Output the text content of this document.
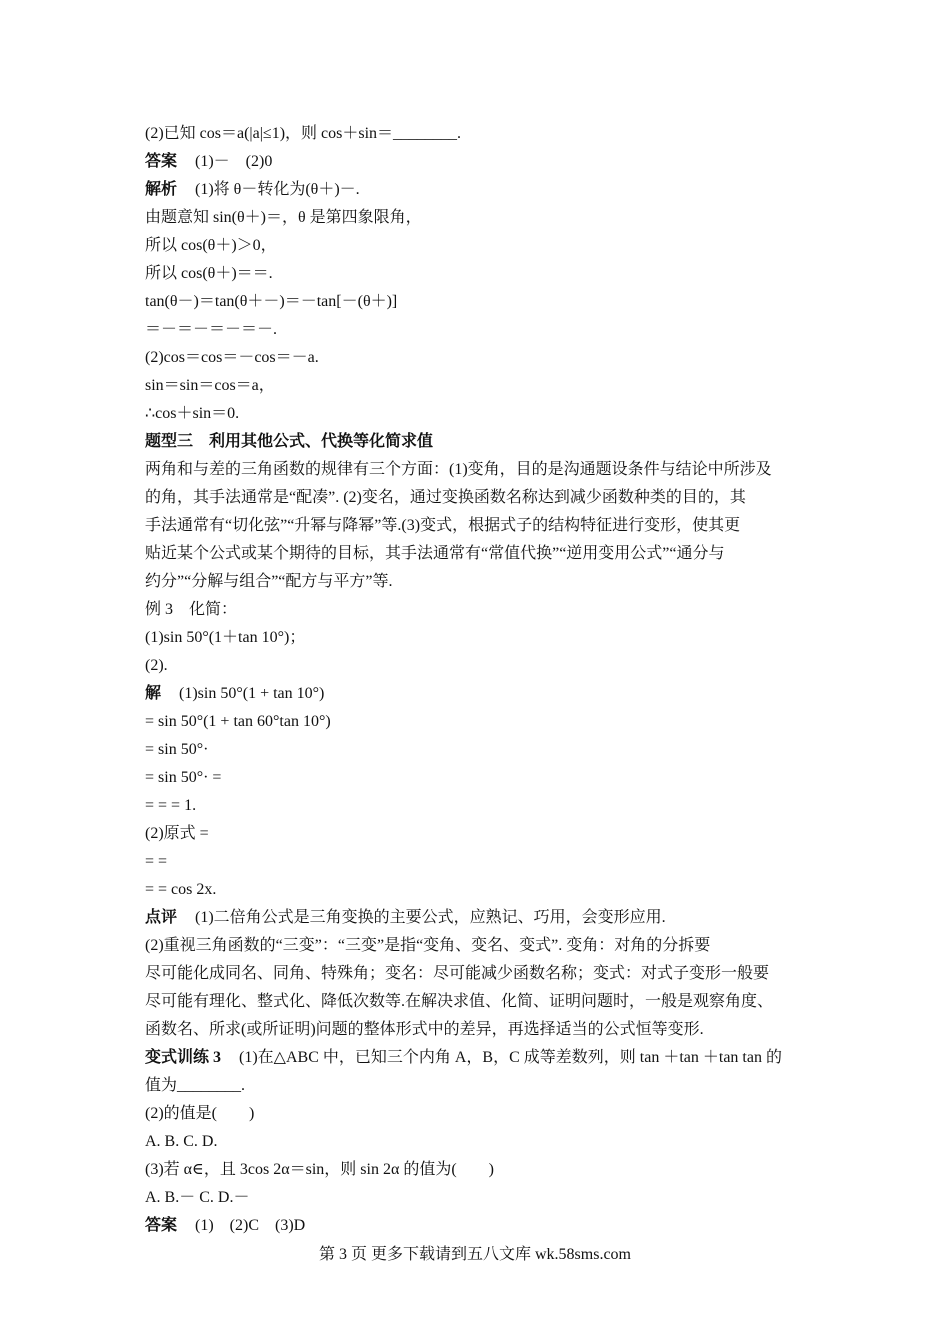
(2)已知 cos＝a(|a|≤1)，则 cos＋sin＝________.
答案 (1)－　(2)0
解析 (1)将 θ－转化为(θ＋)－.
由题意知 sin(θ＋)＝，θ 是第四象限角，
所以 cos(θ＋)＞0，
所以 cos(θ＋)＝＝.
tan(θ－)＝tan(θ＋－)＝－tan[－(θ＋)]
＝－＝－＝－＝－.
(2)cos＝cos＝－cos＝－a.
sin＝sin＝cos＝a，
∴cos＋sin＝0.
题型三　利用其他公式、代换等化简求值
两角和与差的三角函数的规律有三个方面：(1)变角，目的是沟通题设条件与结论中所涉及
的角，其手法通常是“配凑”. (2)变名，通过变换函数名称达到减少函数种类的目的，其
手法通常有“切化弦”“升幂与降幂”等.(3)变式，根据式子的结构特征进行变形，使其更
贴近某个公式或某个期待的目标，其手法通常有“常值代换”“逆用变用公式”“通分与
约分”“分解与组合”“配方与平方”等.
例 3　化简：
(1)sin 50°(1＋tan 10°)；
(2).
解 (1)sin 50°(1 + tan 10°)
= sin 50°(1 + tan 60°tan 10°)
= sin 50°·
= sin 50°· =
= = = 1.
(2)原式 =
= =
= = cos 2x.
点评 (1)二倍角公式是三角变换的主要公式，应熟记、巧用，会变形应用.
(2)重视三角函数的“三变”：“三变”是指“变角、变名、变式”. 变角：对角的分拆要
尽可能化成同名、同角、特殊角；变名：尽可能减少函数名称；变式：对式子变形一般要
尽可能有理化、整式化、降低次数等.在解决求值、化简、证明问题时，一般是观察角度、
函数名、所求(或所证明)问题的整体形式中的差异，再选择适当的公式恒等变形.
变式训练 3 (1)在△ABC 中，已知三个内角 A，B，C 成等差数列，则 tan ＋tan ＋tan tan 的
值为________.
(2)的值是(　　)
A. B. C. D.
(3)若 α∈，且 3cos 2α＝sin，则 sin 2α 的值为(　　)
A. B.－ C. D.－
答案 (1)　(2)C　(3)D
第 3 页 更多下载请到五八文库 wk.58sms.com
